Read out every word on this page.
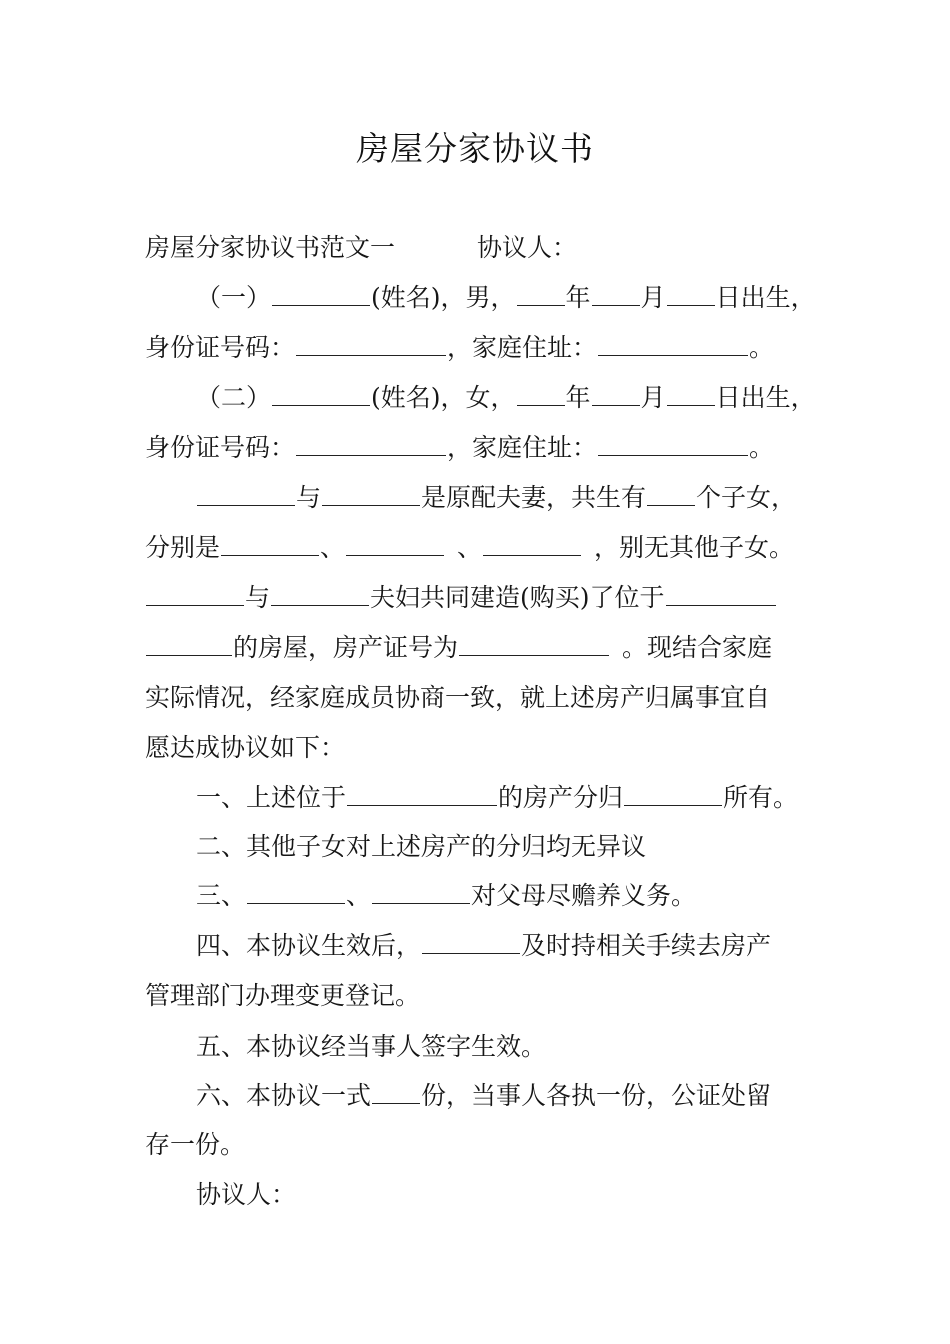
房屋分家协议书
房屋分家协议书范文一	协议人：
（一）	(姓名)，男， 年 月 日出生，
身份证号码：	，家庭住址：	。
（二）	(姓名)，女， 年 月 日出生，
身份证号码：	，家庭住址：	。
与	是原配夫妻，共生有 个子女，
分别是	、	、	，别无其他子女。
与	夫妇共同建造(购买)了位于
的房屋，房产证号为	。现结合家庭
实际情况，经家庭成员协商一致，就上述房产归属事宜自
愿达成协议如下：
一、上述位于	的房产分归	所有。
二、其他子女对上述房产的分归均无异议
三、	、	对父母尽赡养义务。
四、本协议生效后，	及时持相关手续去房产
管理部门办理变更登记。
五、本协议经当事人签字生效。
六、本协议一式 份，当事人各执一份，公证处留
存一份。
协议人：
